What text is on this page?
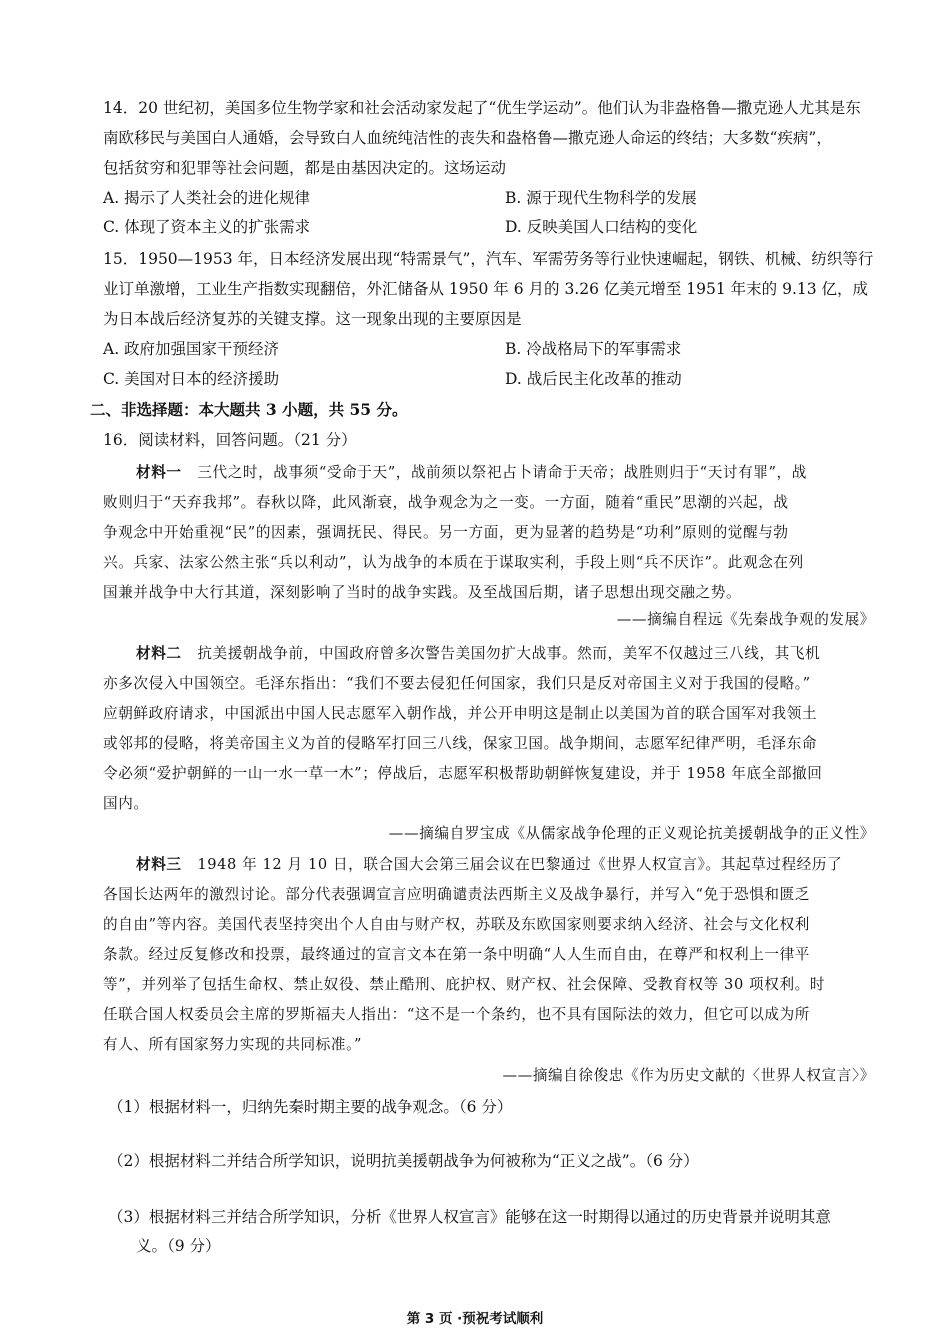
14．20 世纪初，美国多位生物学家和社会活动家发起了“优生学运动”。他们认为非盎格鲁—撒克逊人尤其是东
南欧移民与美国白人通婚，会导致白人血统纯洁性的丧失和盎格鲁—撒克逊人命运的终结；大多数“疾病”，
包括贫穷和犯罪等社会问题，都是由基因决定的。这场运动
A. 揭示了人类社会的进化规律	B. 源于现代生物科学的发展
C. 体现了资本主义的扩张需求	D. 反映美国人口结构的变化
15．1950—1953 年，日本经济发展出现“特需景气”，汽车、军需劳务等行业快速崛起，钢铁、机械、纺织等行
业订单激增，工业生产指数实现翻倍，外汇储备从 1950 年 6 月的 3.26 亿美元增至 1951 年末的 9.13 亿，成
为日本战后经济复苏的关键支撑。这一现象出现的主要原因是
A. 政府加强国家干预经济	B. 冷战格局下的军事需求
C. 美国对日本的经济援助	D. 战后民主化改革的推动
二、非选择题：本大题共 3 小题，共 55 分。
16．阅读材料，回答问题。（21 分）
材料一 三代之时，战事须“受命于天”，战前须以祭祀占卜请命于天帝；战胜则归于“天讨有罪”，战
败则归于“天弃我邦”。春秋以降，此风渐衰，战争观念为之一变。一方面，随着“重民”思潮的兴起，战
争观念中开始重视“民”的因素，强调抚民、得民。另一方面，更为显著的趋势是“功利”原则的觉醒与勃
兴。兵家、法家公然主张“兵以利动”，认为战争的本质在于谋取实利，手段上则“兵不厌诈”。此观念在列
国兼并战争中大行其道，深刻影响了当时的战争实践。及至战国后期，诸子思想出现交融之势。
——摘编自程远《先秦战争观的发展》
材料二 抗美援朝战争前，中国政府曾多次警告美国勿扩大战事。然而，美军不仅越过三八线，其飞机
亦多次侵入中国领空。毛泽东指出：“我们不要去侵犯任何国家，我们只是反对帝国主义对于我国的侵略。”
应朝鲜政府请求，中国派出中国人民志愿军入朝作战，并公开申明这是制止以美国为首的联合国军对我领土
或邻邦的侵略，将美帝国主义为首的侵略军打回三八线，保家卫国。战争期间，志愿军纪律严明，毛泽东命
令必须“爱护朝鲜的一山一水一草一木”；停战后，志愿军积极帮助朝鲜恢复建设，并于 1958 年底全部撤回
国内。
——摘编自罗宝成《从儒家战争伦理的正义观论抗美援朝战争的正义性》
材料三 1948 年 12 月 10 日，联合国大会第三届会议在巴黎通过《世界人权宣言》。其起草过程经历了
各国长达两年的激烈讨论。部分代表强调宣言应明确谴责法西斯主义及战争暴行，并写入“免于恐惧和匮乏
的自由”等内容。美国代表坚持突出个人自由与财产权，苏联及东欧国家则要求纳入经济、社会与文化权利
条款。经过反复修改和投票，最终通过的宣言文本在第一条中明确“人人生而自由，在尊严和权利上一律平
等”，并列举了包括生命权、禁止奴役、禁止酷刑、庇护权、财产权、社会保障、受教育权等 30 项权利。时
任联合国人权委员会主席的罗斯福夫人指出：“这不是一个条约，也不具有国际法的效力，但它可以成为所
有人、所有国家努力实现的共同标准。”
——摘编自徐俊忠《作为历史文献的〈世界人权宣言〉》
（1）根据材料一，归纳先秦时期主要的战争观念。（6 分）
（2）根据材料二并结合所学知识，说明抗美援朝战争为何被称为“正义之战”。（6 分）
（3）根据材料三并结合所学知识，分析《世界人权宣言》能够在这一时期得以通过的历史背景并说明其意
义。（9 分）
第 3 页 ·预祝考试顺利
